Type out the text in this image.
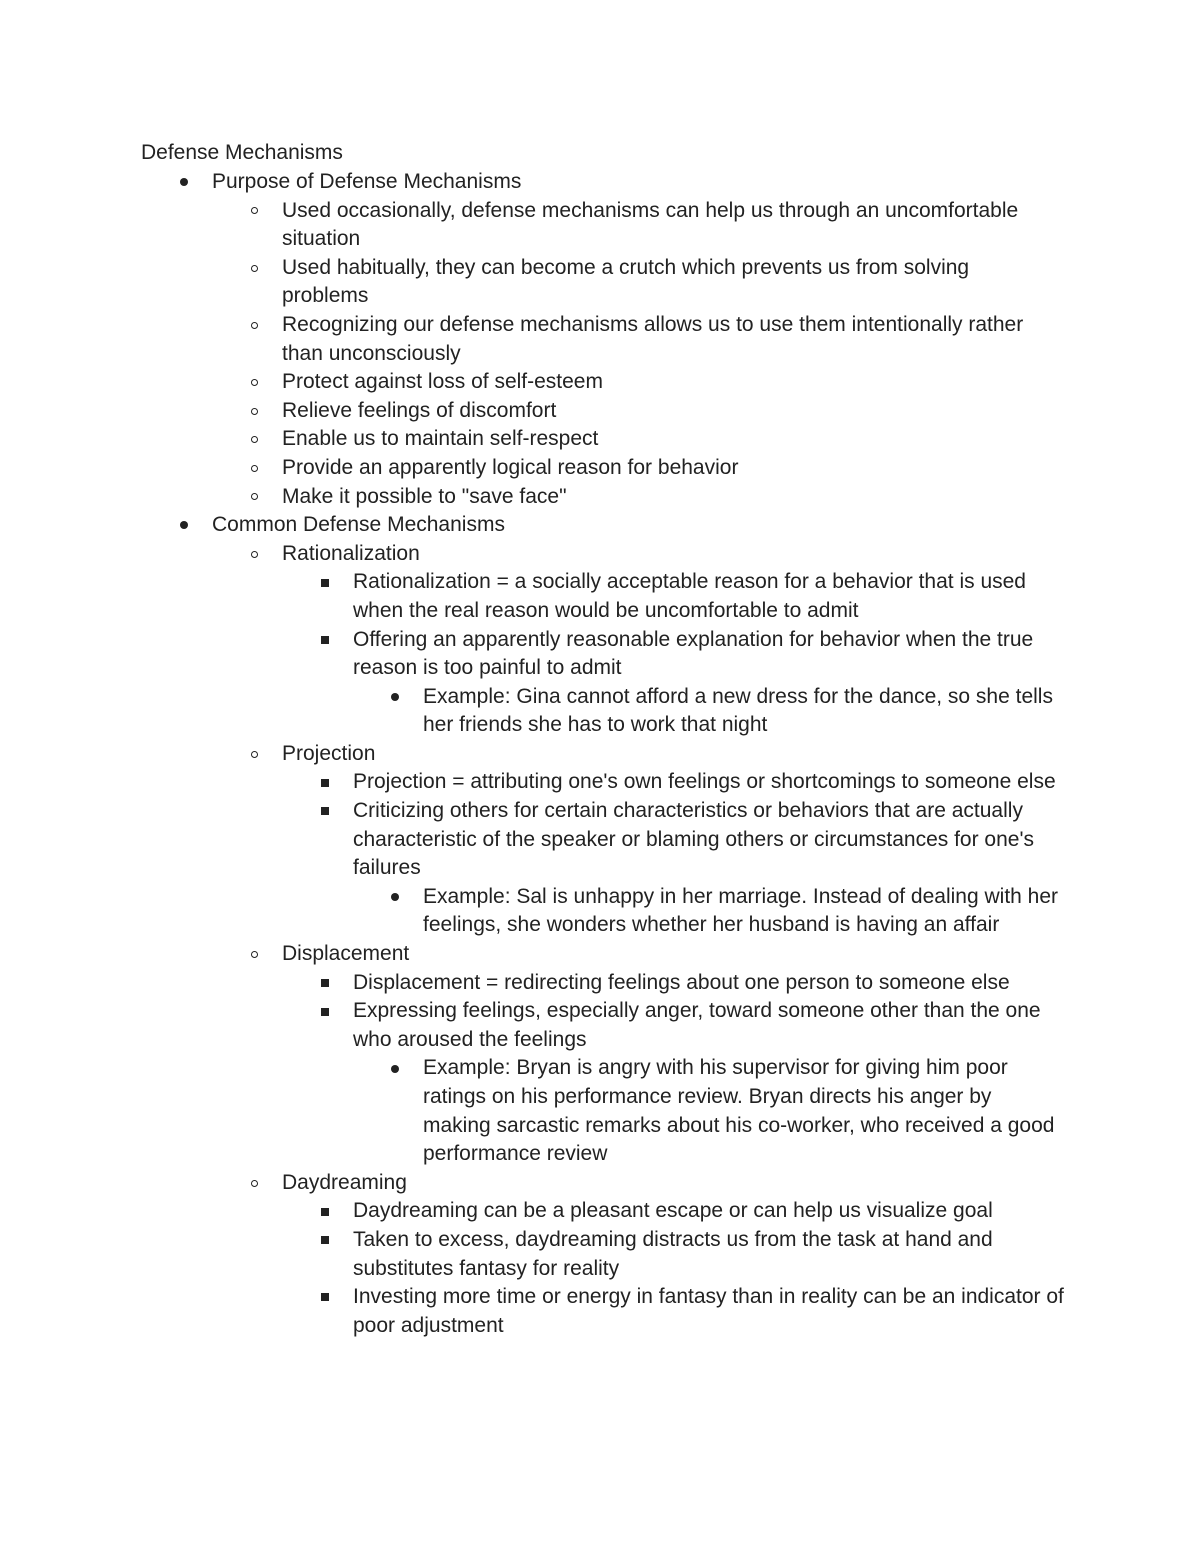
Defense Mechanisms
Purpose of Defense Mechanisms
Used occasionally, defense mechanisms can help us through an uncomfortable situation
Used habitually, they can become a crutch which prevents us from solving problems
Recognizing our defense mechanisms allows us to use them intentionally rather than unconsciously
Protect against loss of self-esteem
Relieve feelings of discomfort
Enable us to maintain self-respect
Provide an apparently logical reason for behavior
Make it possible to "save face"
Common Defense Mechanisms
Rationalization
Rationalization = a socially acceptable reason for a behavior that is used when the real reason would be uncomfortable to admit
Offering an apparently reasonable explanation for behavior when the true reason is too painful to admit
Example: Gina cannot afford a new dress for the dance, so she tells her friends she has to work that night
Projection
Projection = attributing one's own feelings or shortcomings to someone else
Criticizing others for certain characteristics or behaviors that are actually characteristic of the speaker or blaming others or circumstances for one's failures
Example: Sal is unhappy in her marriage. Instead of dealing with her feelings, she wonders whether her husband is having an affair
Displacement
Displacement = redirecting feelings about one person to someone else
Expressing feelings, especially anger, toward someone other than the one who aroused the feelings
Example: Bryan is angry with his supervisor for giving him poor ratings on his performance review. Bryan directs his anger by making sarcastic remarks about his co-worker, who received a good performance review
Daydreaming
Daydreaming can be a pleasant escape or can help us visualize goal
Taken to excess, daydreaming distracts us from the task at hand and substitutes fantasy for reality
Investing more time or energy in fantasy than in reality can be an indicator of poor adjustment
